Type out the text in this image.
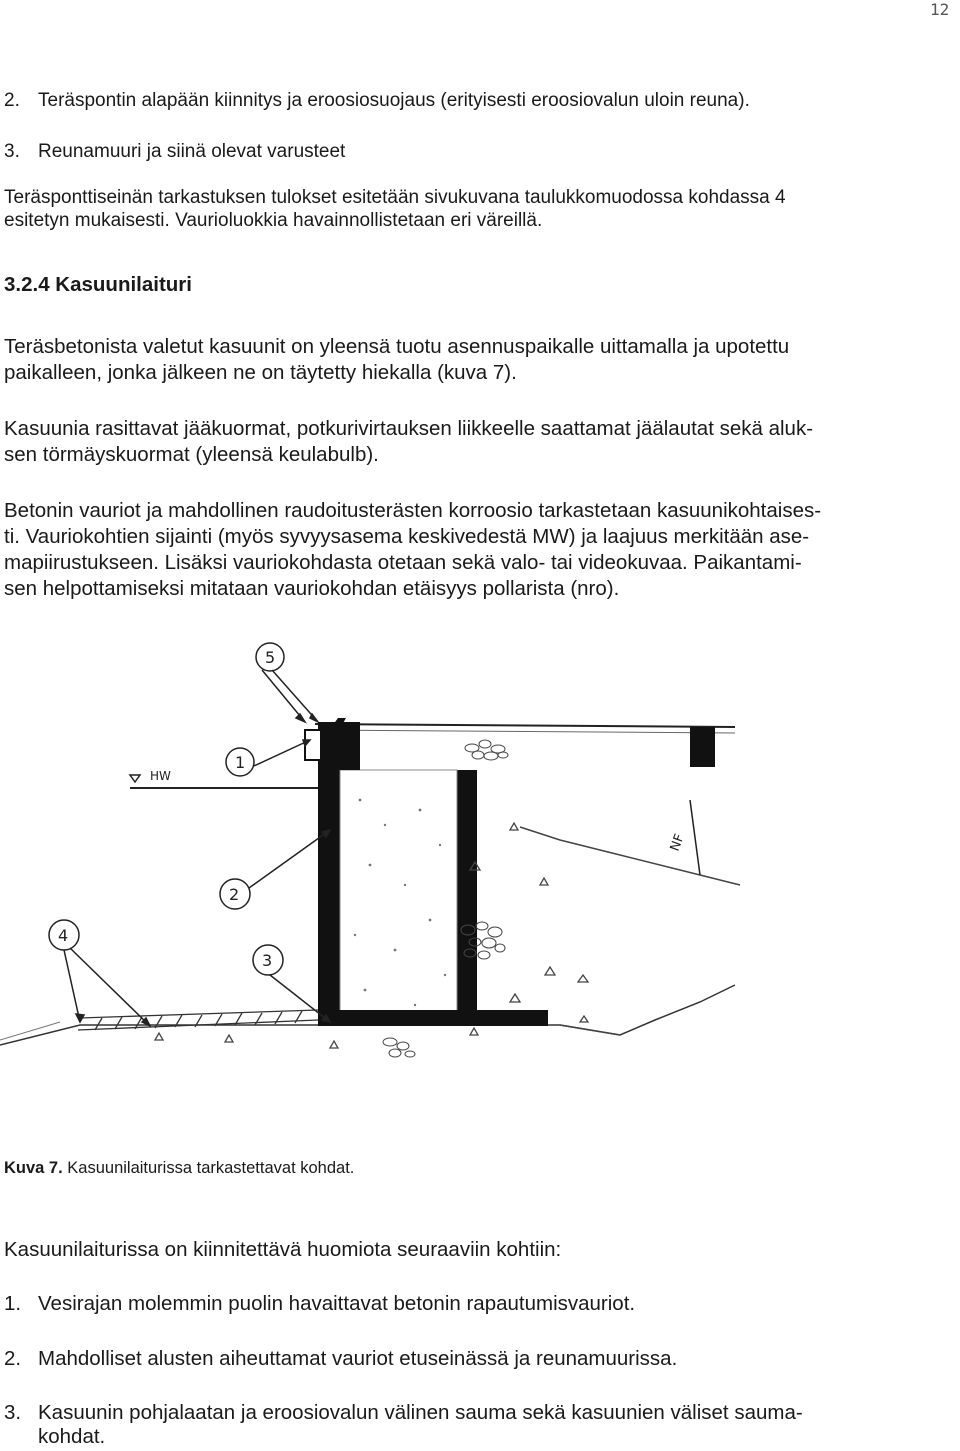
12
2. Teräspontin alapään kiinnitys ja eroosiosuojaus (erityisesti eroosiovalun uloin reuna).
3. Reunamuuri ja siinä olevat varusteet
Teräsponttiseinän tarkastuksen tulokset esitetään sivukuvana taulukkomuodossa kohdassa 4
esitetyn mukaisesti. Vaurioluokkia havainnollistetaan eri väreillä.
3.2.4 Kasuunilaituri
Teräsbetonista valetut kasuunit on yleensä tuotu asennuspaikalle uittamalla ja upotettu
paikalleen, jonka jälkeen ne on täytetty hiekalla (kuva 7).
Kasuunia rasittavat jääkuormat, potkurivirtauksen liikkeelle saattamat jäälautat sekä aluk-
sen törmäyskuormat (yleensä keulabulb).
Betonin vauriot ja mahdollinen raudoitusterästen korroosio tarkastetaan kasuunikohtaises-
ti. Vauriokohtien sijainti (myös syvyysasema keskivedestä MW) ja laajuus merkitään ase-
mapiirustukseen. Lisäksi vauriokohdasta otetaan sekä valo- tai videokuvaa. Paikantami-
sen helpottamiseksi mitataan vauriokohdan etäisyys pollarista (nro).
HW
NF
5
1
2
3
4
Kuva 7. Kasuunilaiturissa tarkastettavat kohdat.
Kasuunilaiturissa on kiinnitettävä huomiota seuraaviin kohtiin:
1. Vesirajan molemmin puolin havaittavat betonin rapautumisvauriot.
2. Mahdolliset alusten aiheuttamat vauriot etuseinässä ja reunamuurissa.
3. Kasuunin pohjalaatan ja eroosiovalun välinen sauma sekä kasuunien väliset sauma-
kohdat.
